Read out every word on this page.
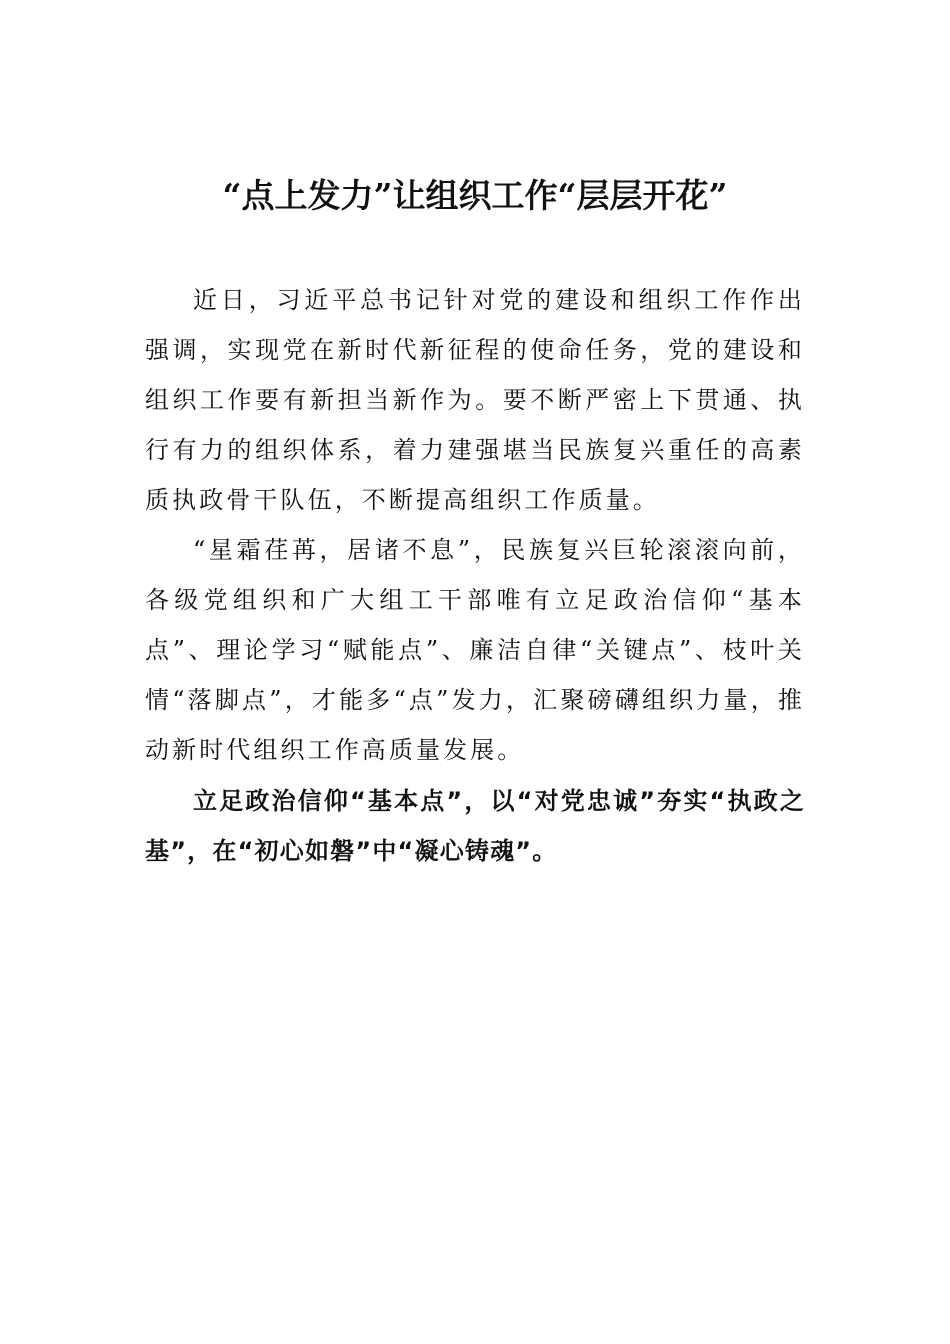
“点上发力”让组织工作“层层开花”

近日，习近平总书记针对党的建设和组织工作作出强调，实现党在新时代新征程的使命任务，党的建设和组织工作要有新担当新作为。要不断严密上下贯通、执行有力的组织体系，着力建强堪当民族复兴重任的高素质执政骨干队伍，不断提高组织工作质量。

“星霜荏苒，居诸不息”，民族复兴巨轮滚滚向前，各级党组织和广大组工干部唯有立足政治信仰“基本点”、理论学习“赋能点”、廉洁自律“关键点”、枝叶关情“落脚点”，才能多“点”发力，汇聚磅礴组织力量，推动新时代组织工作高质量发展。

立足政治信仰“基本点”，以“对党忠诚”夯实“执政之基”，在“初心如磐”中“凝心铸魂”。
